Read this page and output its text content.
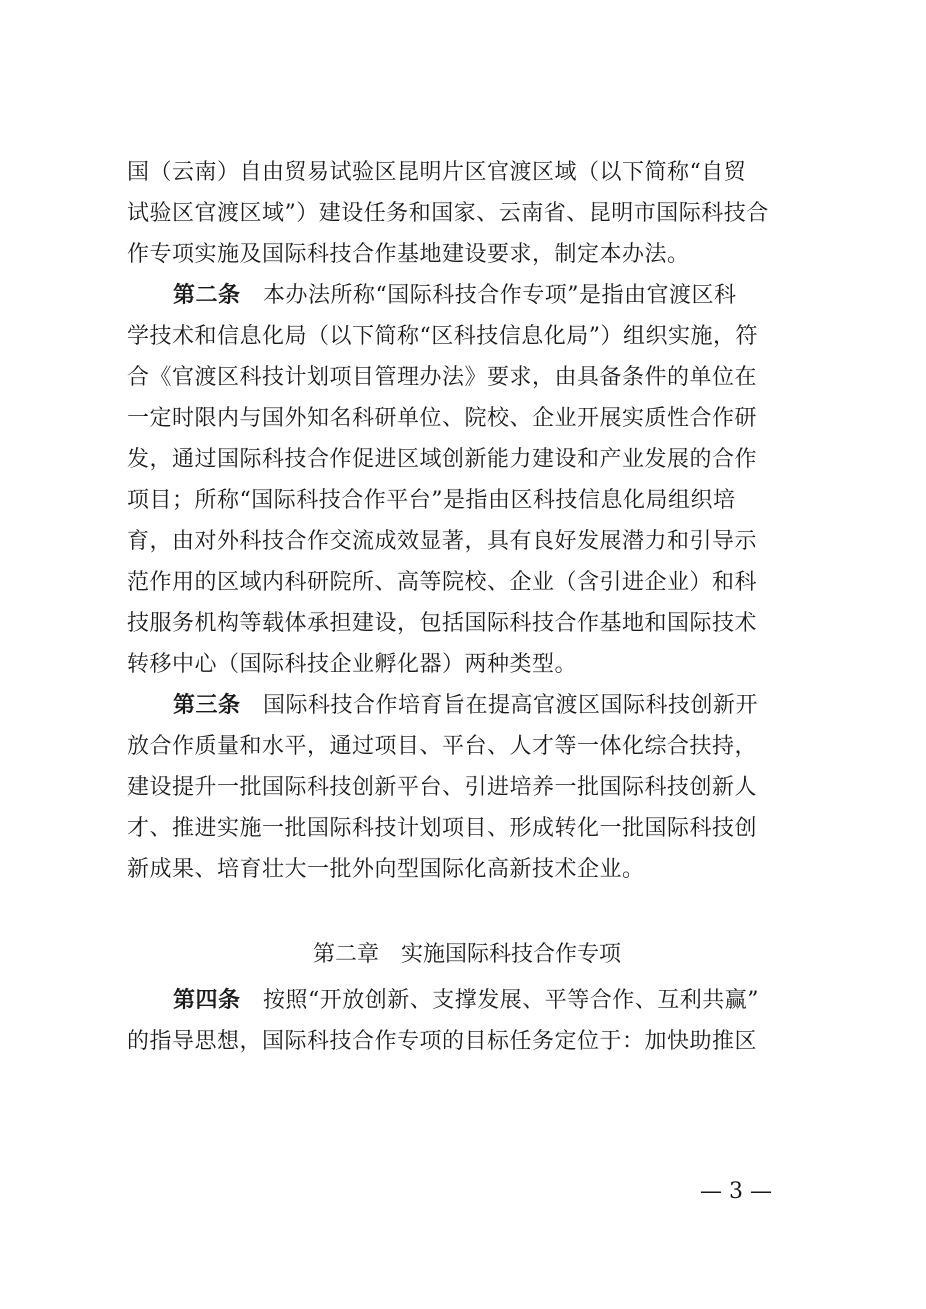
国（云南）自由贸易试验区昆明片区官渡区域（以下简称“自贸
试验区官渡区域”）建设任务和国家、云南省、昆明市国际科技合
作专项实施及国际科技合作基地建设要求，制定本办法。
第二条　 本办法所称“国际科技合作专项”是指由官渡区科
学技术和信息化局（以下简称“区科技信息化局”）组织实施，符
合《官渡区科技计划项目管理办法》要求，由具备条件的单位在
一定时限内与国外知名科研单位、院校、企业开展实质性合作研
发，通过国际科技合作促进区域创新能力建设和产业发展的合作
项目；所称“国际科技合作平台”是指由区科技信息化局组织培
育，由对外科技合作交流成效显著，具有良好发展潜力和引导示
范作用的区域内科研院所、高等院校、企业（含引进企业）和科
技服务机构等载体承担建设，包括国际科技合作基地和国际技术
转移中心（国际科技企业孵化器）两种类型。
第三条　 国际科技合作培育旨在提高官渡区国际科技创新开
放合作质量和水平，通过项目、平台、人才等一体化综合扶持，
建设提升一批国际科技创新平台、引进培养一批国际科技创新人
才、推进实施一批国际科技计划项目、形成转化一批国际科技创
新成果、培育壮大一批外向型国际化高新技术企业。
第二章　实施国际科技合作专项
第四条　 按照“开放创新、支撑发展、平等合作、互利共赢”
的指导思想，国际科技合作专项的目标任务定位于：加快助推区
— 3 —
